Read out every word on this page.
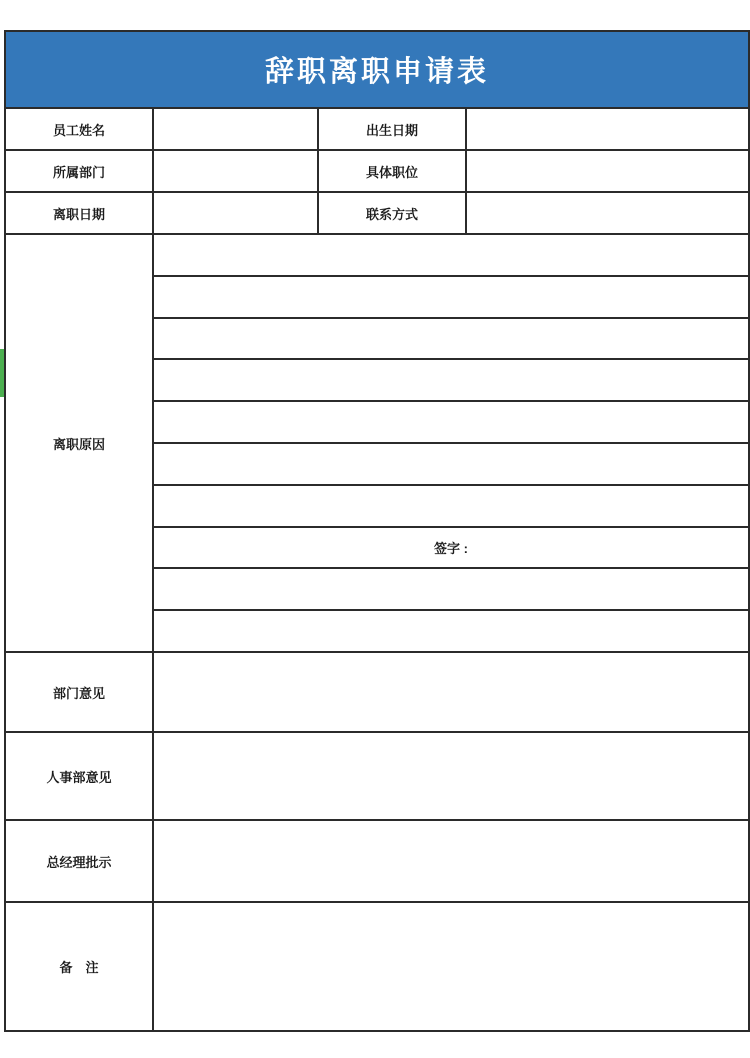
辞职离职申请表
员工姓名	出生日期
所属部门	具体职位
离职日期	联系方式
离职原因
签字 :
部门意见
人事部意见
总经理批示
备　注
